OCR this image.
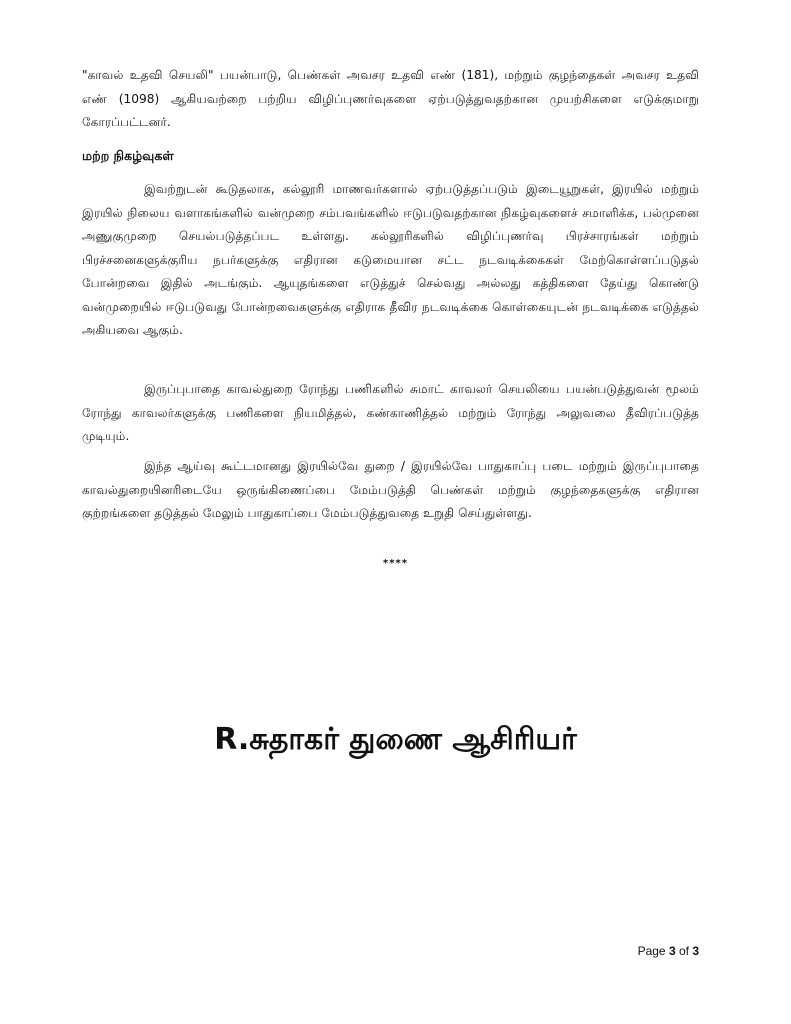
"காவல் உதவி செயலி" பயன்பாடு, பெண்கள் அவசர உதவி எண் (181), மற்றும் குழந்தைகள் அவசர உதவி எண் (1098) ஆகியவற்றை பற்றிய விழிப்புணர்வுகளை ஏற்படுத்துவதற்கான முயற்சிகளை எடுக்குமாறு கோரப்பட்டனர்.

மற்ற நிகழ்வுகள்

இவற்றுடன் கூடுதலாக, கல்லூரி மாணவர்களால் ஏற்படுத்தப்படும் இடையூறுகள், இரயில் மற்றும் இரயில் நிலைய வளாகங்களில் வன்முறை சம்பவங்களில் ஈடுபடுவதற்கான நிகழ்வுகளைச் சமாளிக்க, பல்முனை அணுகுமுறை செயல்படுத்தப்பட உள்ளது. கல்லூரிகளில் விழிப்புணர்வு பிரச்சாரங்கள் மற்றும் பிரச்சனைகளுக்குரிய நபர்களுக்கு எதிரான கடுமையான சட்ட நடவடிக்கைகள் மேற்கொள்ளப்படுதல் போன்றவை இதில் அடங்கும். ஆயுதங்களை எடுத்துச் செல்வது அல்லது கத்திகளை தேய்து கொண்டு வன்முறையில் ஈடுபடுவது போன்றவைகளுக்கு எதிராக தீவிர நடவடிக்கை கொள்கையுடன் நடவடிக்கை எடுத்தல் அகியவை ஆகும்.

இருப்புபாதை காவல்துறை ரோந்து பணிகளில் சுமாட் காவலர் செயலியை பயன்படுத்துவன் மூலம் ரோந்து காவலர்களுக்கு பணிகளை நியமித்தல், கண்காணித்தல் மற்றும் ரோந்து அலுவலை தீவிரப்படுத்த முடியும்.

இந்த ஆய்வு கூட்டமானது இரயில்வே துறை / இரயில்வே பாதுகாப்பு படை மற்றும் இருப்புபாதை காவல்துறையினரிடையே ஒருங்கிணைப்பை மேம்படுத்தி பெண்கள் மற்றும் குழந்தைகளுக்கு எதிரான குற்றங்களை தடுத்தல் மேலும் பாதுகாப்பை மேம்படுத்துவதை உறுதி செய்துள்ளது.

****

R.சுதாகர் துணை ஆசிரியர்

Page 3 of 3
